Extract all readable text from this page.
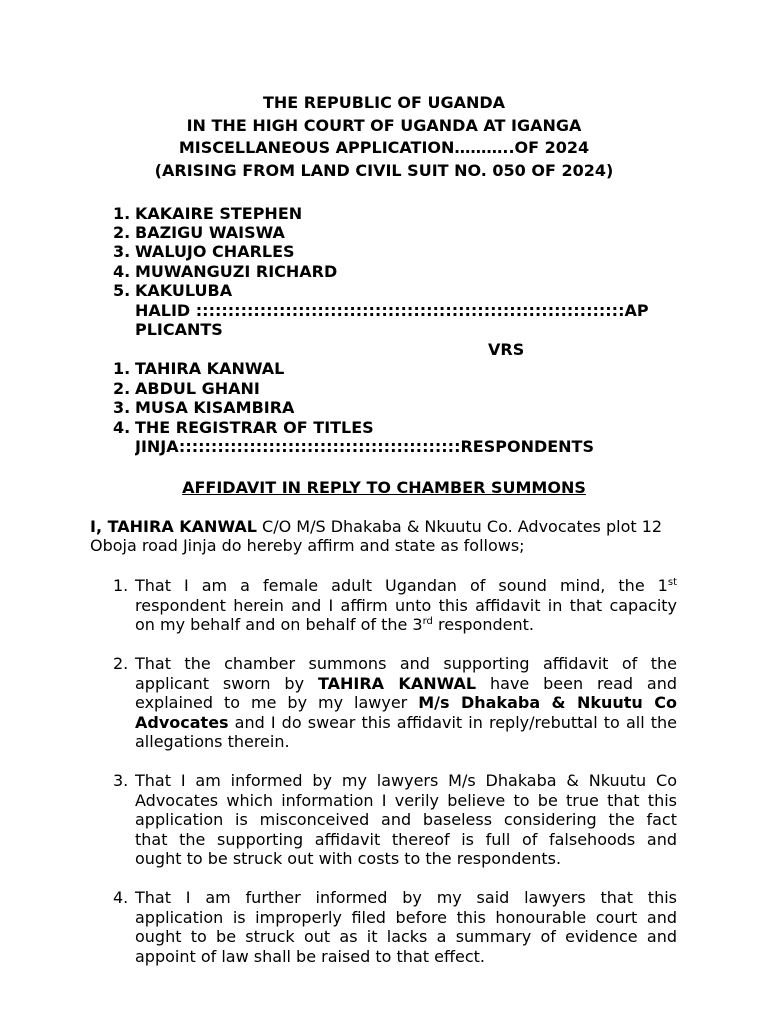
THE REPUBLIC OF UGANDA
IN THE HIGH COURT OF UGANDA AT IGANGA
MISCELLANEOUS APPLICATION………..OF 2024
(ARISING FROM LAND CIVIL SUIT NO. 050 OF 2024)
1. KAKAIRE STEPHEN
2. BAZIGU WAISWA
3. WALUJO CHARLES
4. MUWANGUZI RICHARD
5. KAKULUBA
HALID :::::::::::::::::::::::::::::::::::::::::::::::::::::::::::::::::::AP
PLICANTS
VRS
1. TAHIRA KANWAL
2. ABDUL GHANI
3. MUSA KISAMBIRA
4. THE REGISTRAR OF TITLES
JINJA::::::::::::::::::::::::::::::::::::::::::::RESPONDENTS
AFFIDAVIT IN REPLY TO CHAMBER SUMMONS
I, TAHIRA KANWAL C/O M/S Dhakaba & Nkuutu Co. Advocates plot 12
Oboja road Jinja do hereby affirm and state as follows;
1. That I am a female adult Ugandan of sound mind, the 1st
respondent herein and I affirm unto this affidavit in that capacity
on my behalf and on behalf of the 3rd respondent.
2. That the chamber summons and supporting affidavit of the
applicant sworn by TAHIRA KANWAL have been read and
explained to me by my lawyer M/s Dhakaba & Nkuutu Co
Advocates and I do swear this affidavit in reply/rebuttal to all the
allegations therein.
3. That I am informed by my lawyers M/s Dhakaba & Nkuutu Co
Advocates which information I verily believe to be true that this
application is misconceived and baseless considering the fact
that the supporting affidavit thereof is full of falsehoods and
ought to be struck out with costs to the respondents.
4. That I am further informed by my said lawyers that this
application is improperly filed before this honourable court and
ought to be struck out as it lacks a summary of evidence and
appoint of law shall be raised to that effect.
